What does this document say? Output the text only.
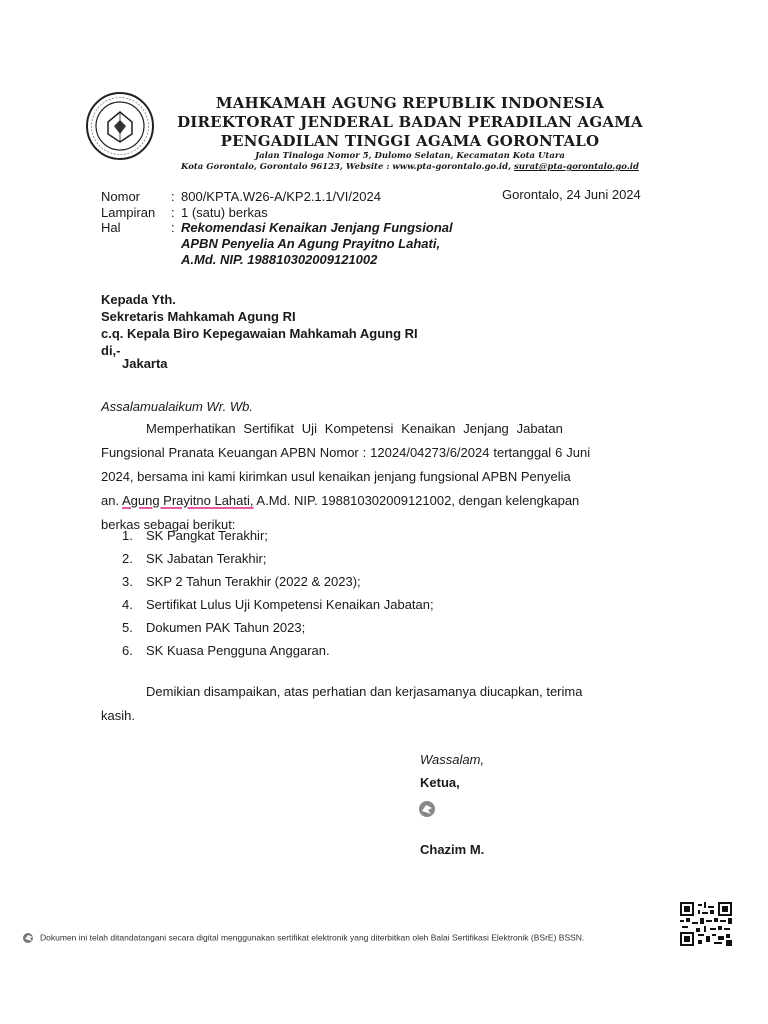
MAHKAMAH AGUNG REPUBLIK INDONESIA
DIREKTORAT JENDERAL BADAN PERADILAN AGAMA
PENGADILAN TINGGI AGAMA GORONTALO
Jalan Tinaloga Nomor 5, Dulomo Selatan, Kecamatan Kota Utara
Kota Gorontalo, Gorontalo 96123, Website : www.pta-gorontalo.go.id, surat@pta-gorontalo.go.id
Nomor : 800/KPTA.W26-A/KP2.1.1/VI/2024	Gorontalo, 24 Juni 2024
Lampiran : 1 (satu) berkas
Hal	: Rekomendasi Kenaikan Jenjang Fungsional
APBN Penyelia An Agung Prayitno Lahati,
A.Md. NIP. 198810302009121002
Kepada Yth.
Sekretaris Mahkamah Agung RI
c.q. Kepala Biro Kepegawaian Mahkamah Agung RI
di,-
Jakarta
Assalamualaikum Wr. Wb.
Memperhatikan Sertifikat Uji Kompetensi Kenaikan Jenjang Jabatan
Fungsional Pranata Keuangan APBN Nomor : 12024/04273/6/2024 tertanggal 6 Juni
2024, bersama ini kami kirimkan usul kenaikan jenjang fungsional APBN Penyelia
an. Agung Prayitno Lahati, A.Md. NIP. 198810302009121002, dengan kelengkapan
berkas sebagai berikut:
1. SK Pangkat Terakhir;
2. SK Jabatan Terakhir;
3. SKP 2 Tahun Terakhir (2022 & 2023);
4. Sertifikat Lulus Uji Kompetensi Kenaikan Jabatan;
5. Dokumen PAK Tahun 2023;
6. SK Kuasa Pengguna Anggaran.
Demikian disampaikan, atas perhatian dan kerjasamanya diucapkan, terima
kasih.
Wassalam,
Ketua,
Chazim M.
Dokumen ini telah ditandatangani secara digital menggunakan sertifikat elektronik yang diterbitkan oleh Balai Sertifikasi Elektronik (BSrE) BSSN.
